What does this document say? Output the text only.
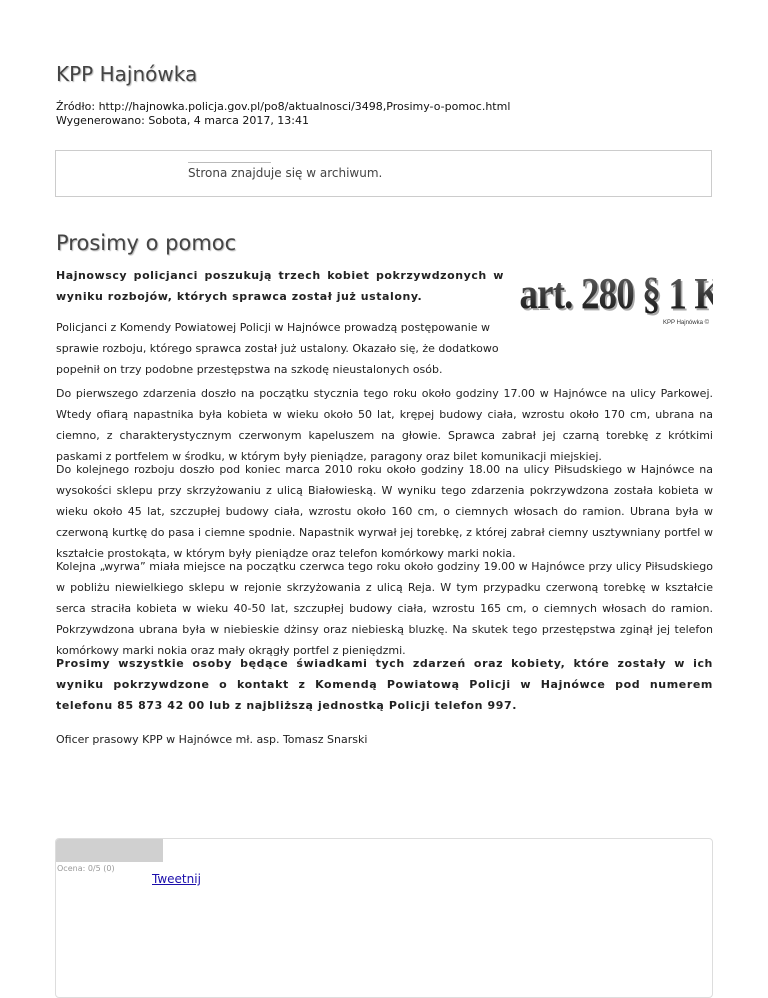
KPP Hajnówka
Źródło: http://hajnowka.policja.gov.pl/po8/aktualnosci/3498,Prosimy-o-pomoc.html
Wygenerowano: Sobota, 4 marca 2017, 13:41
Strona znajduje się w archiwum.
Prosimy o pomoc

Hajnowscy policjanci poszukują trzech kobiet pokrzywdzonych w wyniku rozbojów, których sprawca został już ustalony.	art. 280 § 1
art. 280 § 1
KPP Hajnówka ©

Policjanci z Komendy Powiatowej Policji w Hajnówce prowadzą postępowanie w sprawie rozboju, którego sprawca został już ustalony. Okazało się, że dodatkowo popełnił on trzy podobne przestępstwa na szkodę nieustalonych osób.

Do pierwszego zdarzenia doszło na początku stycznia tego roku około godziny 17.00 w Hajnówce na ulicy Parkowej. Wtedy ofiarą napastnika była kobieta w wieku około 50 lat, krępej budowy ciała, wzrostu około 170 cm, ubrana na ciemno, z charakterystycznym czerwonym kapeluszem na głowie. Sprawca zabrał jej czarną torebkę z krótkimi paskami z portfelem w środku, w którym były pieniądze, paragony oraz bilet komunikacji miejskiej.

Do kolejnego rozboju doszło pod koniec marca 2010 roku około godziny 18.00 na ulicy Piłsudskiego w Hajnówce na wysokości sklepu przy skrzyżowaniu z ulicą Białowieską. W wyniku tego zdarzenia pokrzywdzona została kobieta w wieku około 45 lat, szczupłej budowy ciała, wzrostu około 160 cm, o ciemnych włosach do ramion. Ubrana była w czerwoną kurtkę do pasa i ciemne spodnie. Napastnik wyrwał jej torebkę, z której zabrał ciemny usztywniany portfel w kształcie prostokąta, w którym były pieniądze oraz telefon komórkowy marki nokia.

Kolejna „wyrwa” miała miejsce na początku czerwca tego roku około godziny 19.00 w Hajnówce przy ulicy Piłsudskiego w pobliżu niewielkiego sklepu w rejonie skrzyżowania z ulicą Reja. W tym przypadku czerwoną torebkę w kształcie serca straciła kobieta w wieku 40-50 lat, szczupłej budowy ciała, wzrostu 165 cm, o ciemnych włosach do ramion. Pokrzywdzona ubrana była w niebieskie dżinsy oraz niebieską bluzkę. Na skutek tego przestępstwa zginął jej telefon komórkowy marki nokia oraz mały okrągły portfel z pieniędzmi.

Prosimy wszystkie osoby będące świadkami tych zdarzeń oraz kobiety, które zostały w ich wyniku pokrzywdzone o kontakt z Komendą Powiatową Policji w Hajnówce pod numerem telefonu 85 873 42 00 lub z najbliższą jednostką Policji telefon 997.

Oficer prasowy KPP w Hajnówce mł. asp. Tomasz Snarski

Ocena: 0/5 (0)
Tweetnij
